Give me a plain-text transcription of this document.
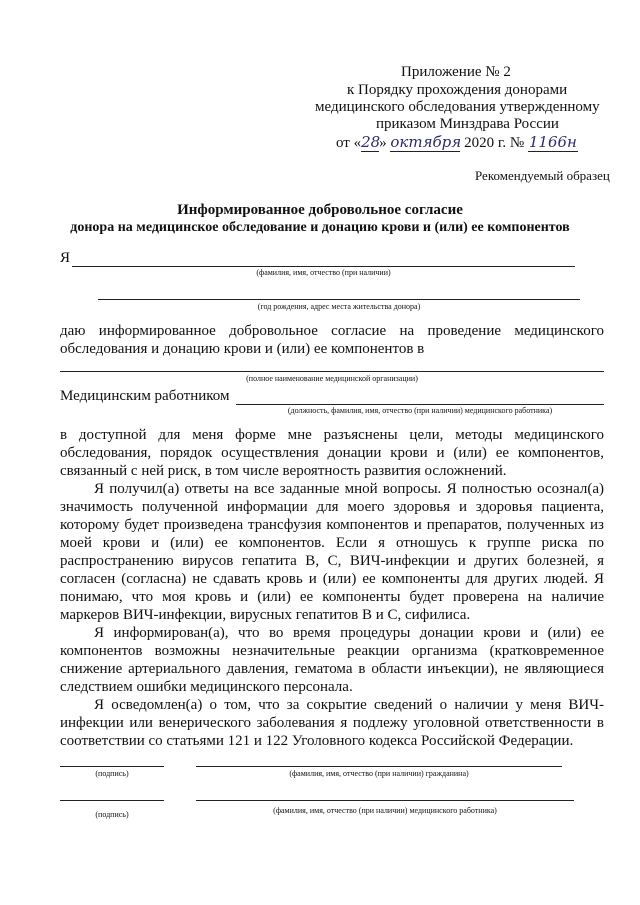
Приложение № 2
к Порядку прохождения донорами
медицинского обследования утвержденному
приказом Минздрава России
от «28» октября 2020 г. № 1166н
Рекомендуемый образец
Информированное добровольное согласие
донора на медицинское обследование и донацию крови и (или) ее компонентов
Я
(фамилия, имя, отчество (при наличии)
(год рождения, адрес места жительства донора)
даю информированное добровольное согласие на проведение медицинского обследования и донацию крови и (или) ее компонентов в
(полное наименование медицинской организации)
Медицинским работником
(должность, фамилия, имя, отчество (при наличии) медицинского работника)

в доступной для меня форме мне разъяснены цели, методы медицинского обследования, порядок осуществления донации крови и (или) ее компонентов, связанный с ней риск, в том числе вероятность развития осложнений.

Я получил(а) ответы на все заданные мной вопросы. Я полностью осознал(а) значимость полученной информации для моего здоровья и здоровья пациента, которому будет произведена трансфузия компонентов и препаратов, полученных из моей крови и (или) ее компонентов. Если я отношусь к группе риска по распространению вирусов гепатита В, С, ВИЧ-инфекции и других болезней, я согласен (согласна) не сдавать кровь и (или) ее компоненты для других людей. Я понимаю, что моя кровь и (или) ее компоненты будет проверена на наличие маркеров ВИЧ-инфекции, вирусных гепатитов В и С, сифилиса.

Я информирован(а), что во время процедуры донации крови и (или) ее компонентов возможны незначительные реакции организма (кратковременное снижение артериального давления, гематома в области инъекции), не являющиеся следствием ошибки медицинского персонала.

Я осведомлен(а) о том, что за сокрытие сведений о наличии у меня ВИЧ-инфекции или венерического заболевания я подлежу уголовной ответственности в соответствии со статьями 121 и 122 Уголовного кодекса Российской Федерации.

(подпись)	(фамилия, имя, отчество (при наличии) гражданина)
(подпись)	(фамилия, имя, отчество (при наличии) медицинского работника)
